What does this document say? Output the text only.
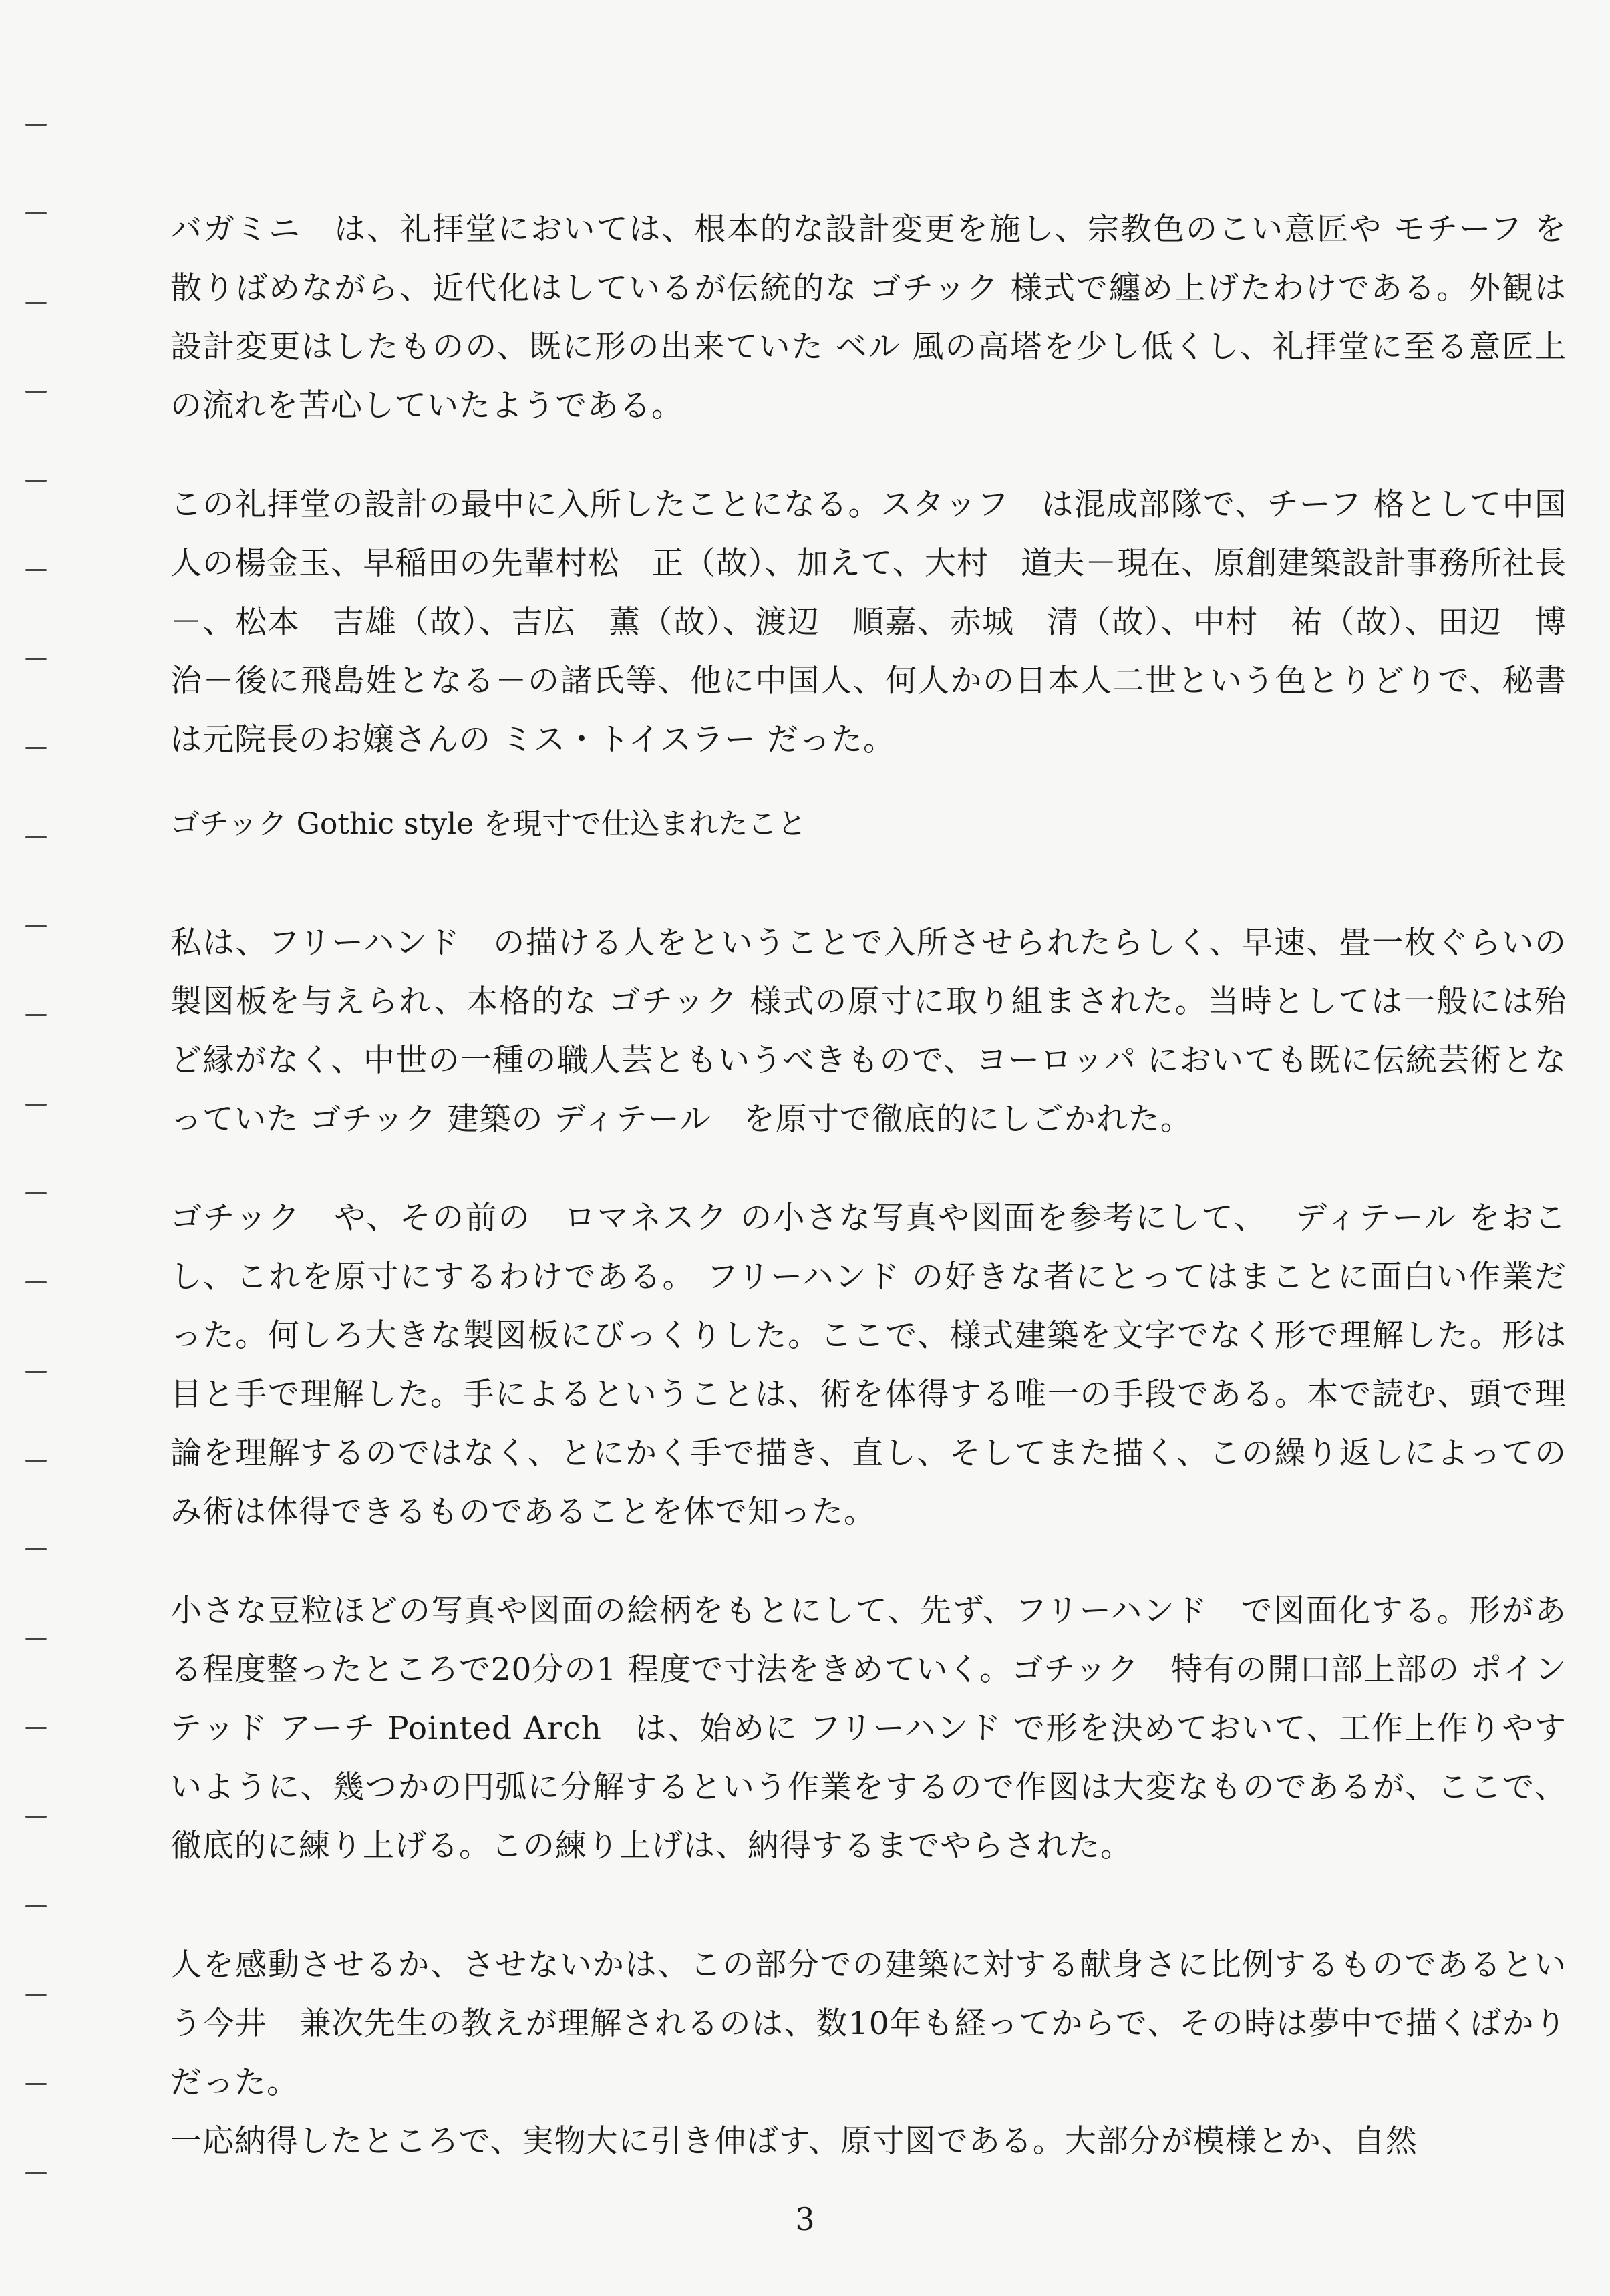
バガミニ　は、礼拝堂においては、根本的な設計変更を施し、宗教色のこい意匠や モチーフ を散りばめながら、近代化はしているが伝統的な ゴチック 様式で纏め上げたわけである。外観は設計変更はしたものの、既に形の出来ていた ベル 風の高塔を少し低くし、礼拝堂に至る意匠上の流れを苦心していたようである。

この礼拝堂の設計の最中に入所したことになる。スタッフ　は混成部隊で、チーフ 格として中国人の楊金玉、早稲田の先輩村松　正（故）、加えて、大村　道夫－現在、原創建築設計事務所社長－、松本　吉雄（故）、吉広　薫（故）、渡辺　順嘉、赤城　清（故）、中村　祐（故）、田辺　博治－後に飛島姓となる－の諸氏等、他に中国人、何人かの日本人二世という色とりどりで、秘書は元院長のお嬢さんの ミス・トイスラー だった。

ゴチック Gothic style を現寸で仕込まれたこと

私は、フリーハンド　の描ける人をということで入所させられたらしく、早速、畳一枚ぐらいの製図板を与えられ、本格的な ゴチック 様式の原寸に取り組まされた。当時としては一般には殆ど縁がなく、中世の一種の職人芸ともいうべきもので、ヨーロッパ においても既に伝統芸術となっていた ゴチック 建築の ディテール　を原寸で徹底的にしごかれた。

ゴチック　や、その前の　ロマネスク の小さな写真や図面を参考にして、　 ディテール をおこし、これを原寸にするわけである。 フリーハンド の好きな者にとってはまことに面白い作業だった。何しろ大きな製図板にびっくりした。ここで、様式建築を文字でなく形で理解した。形は目と手で理解した。手によるということは、術を体得する唯一の手段である。本で読む、頭で理論を理解するのではなく、とにかく手で描き、直し、そしてまた描く、この繰り返しによってのみ術は体得できるものであることを体で知った。

小さな豆粒ほどの写真や図面の絵柄をもとにして、先ず、フリーハンド　で図面化する。形がある程度整ったところで20分の1 程度で寸法をきめていく。ゴチック　特有の開口部上部の ポインテッド アーチ Pointed Arch　は、始めに フリーハンド で形を決めておいて、工作上作りやすいように、幾つかの円弧に分解するという作業をするので作図は大変なものであるが、ここで、徹底的に練り上げる。この練り上げは、納得するまでやらされた。

人を感動させるか、させないかは、この部分での建築に対する献身さに比例するものであるという今井　兼次先生の教えが理解されるのは、数10年も経ってからで、その時は夢中で描くばかりだった。

一応納得したところで、実物大に引き伸ばす、原寸図である。大部分が模様とか、自然

3
